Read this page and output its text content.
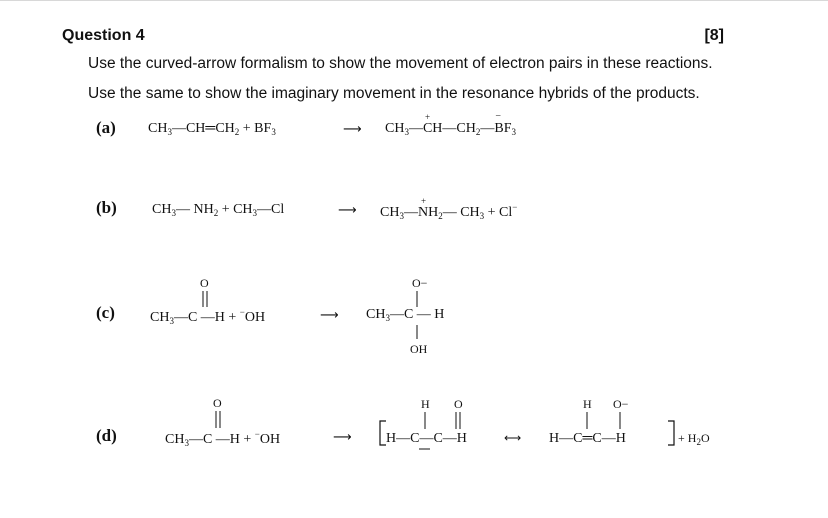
Question 4	[8]
Use the curved-arrow formalism to show the movement of electron pairs in these reactions.
Use the same to show the imaginary movement in the resonance hybrids of the products.
(a) $CH_3—CH═CH_2 + BF_3$	⟶ $CH_3—CH$
+
$—CH_2—B$
−
$F_3$
(b)	$CH_3—$ $NH_2$ + $CH_3—Cl$	⟶ $CH_3—NH$
+
$_2$— $CH_3 + Cl^-$
(c)	$CH_3—C$ —H + −OH
O	O−
OH
⟶ $CH_3—C$ — H
(d)	$CH_3—C$ —H + −OH	⟶
O
H—C—C—H
H O
⟷ H—C═C—H
H O−
+ $H_2O$
